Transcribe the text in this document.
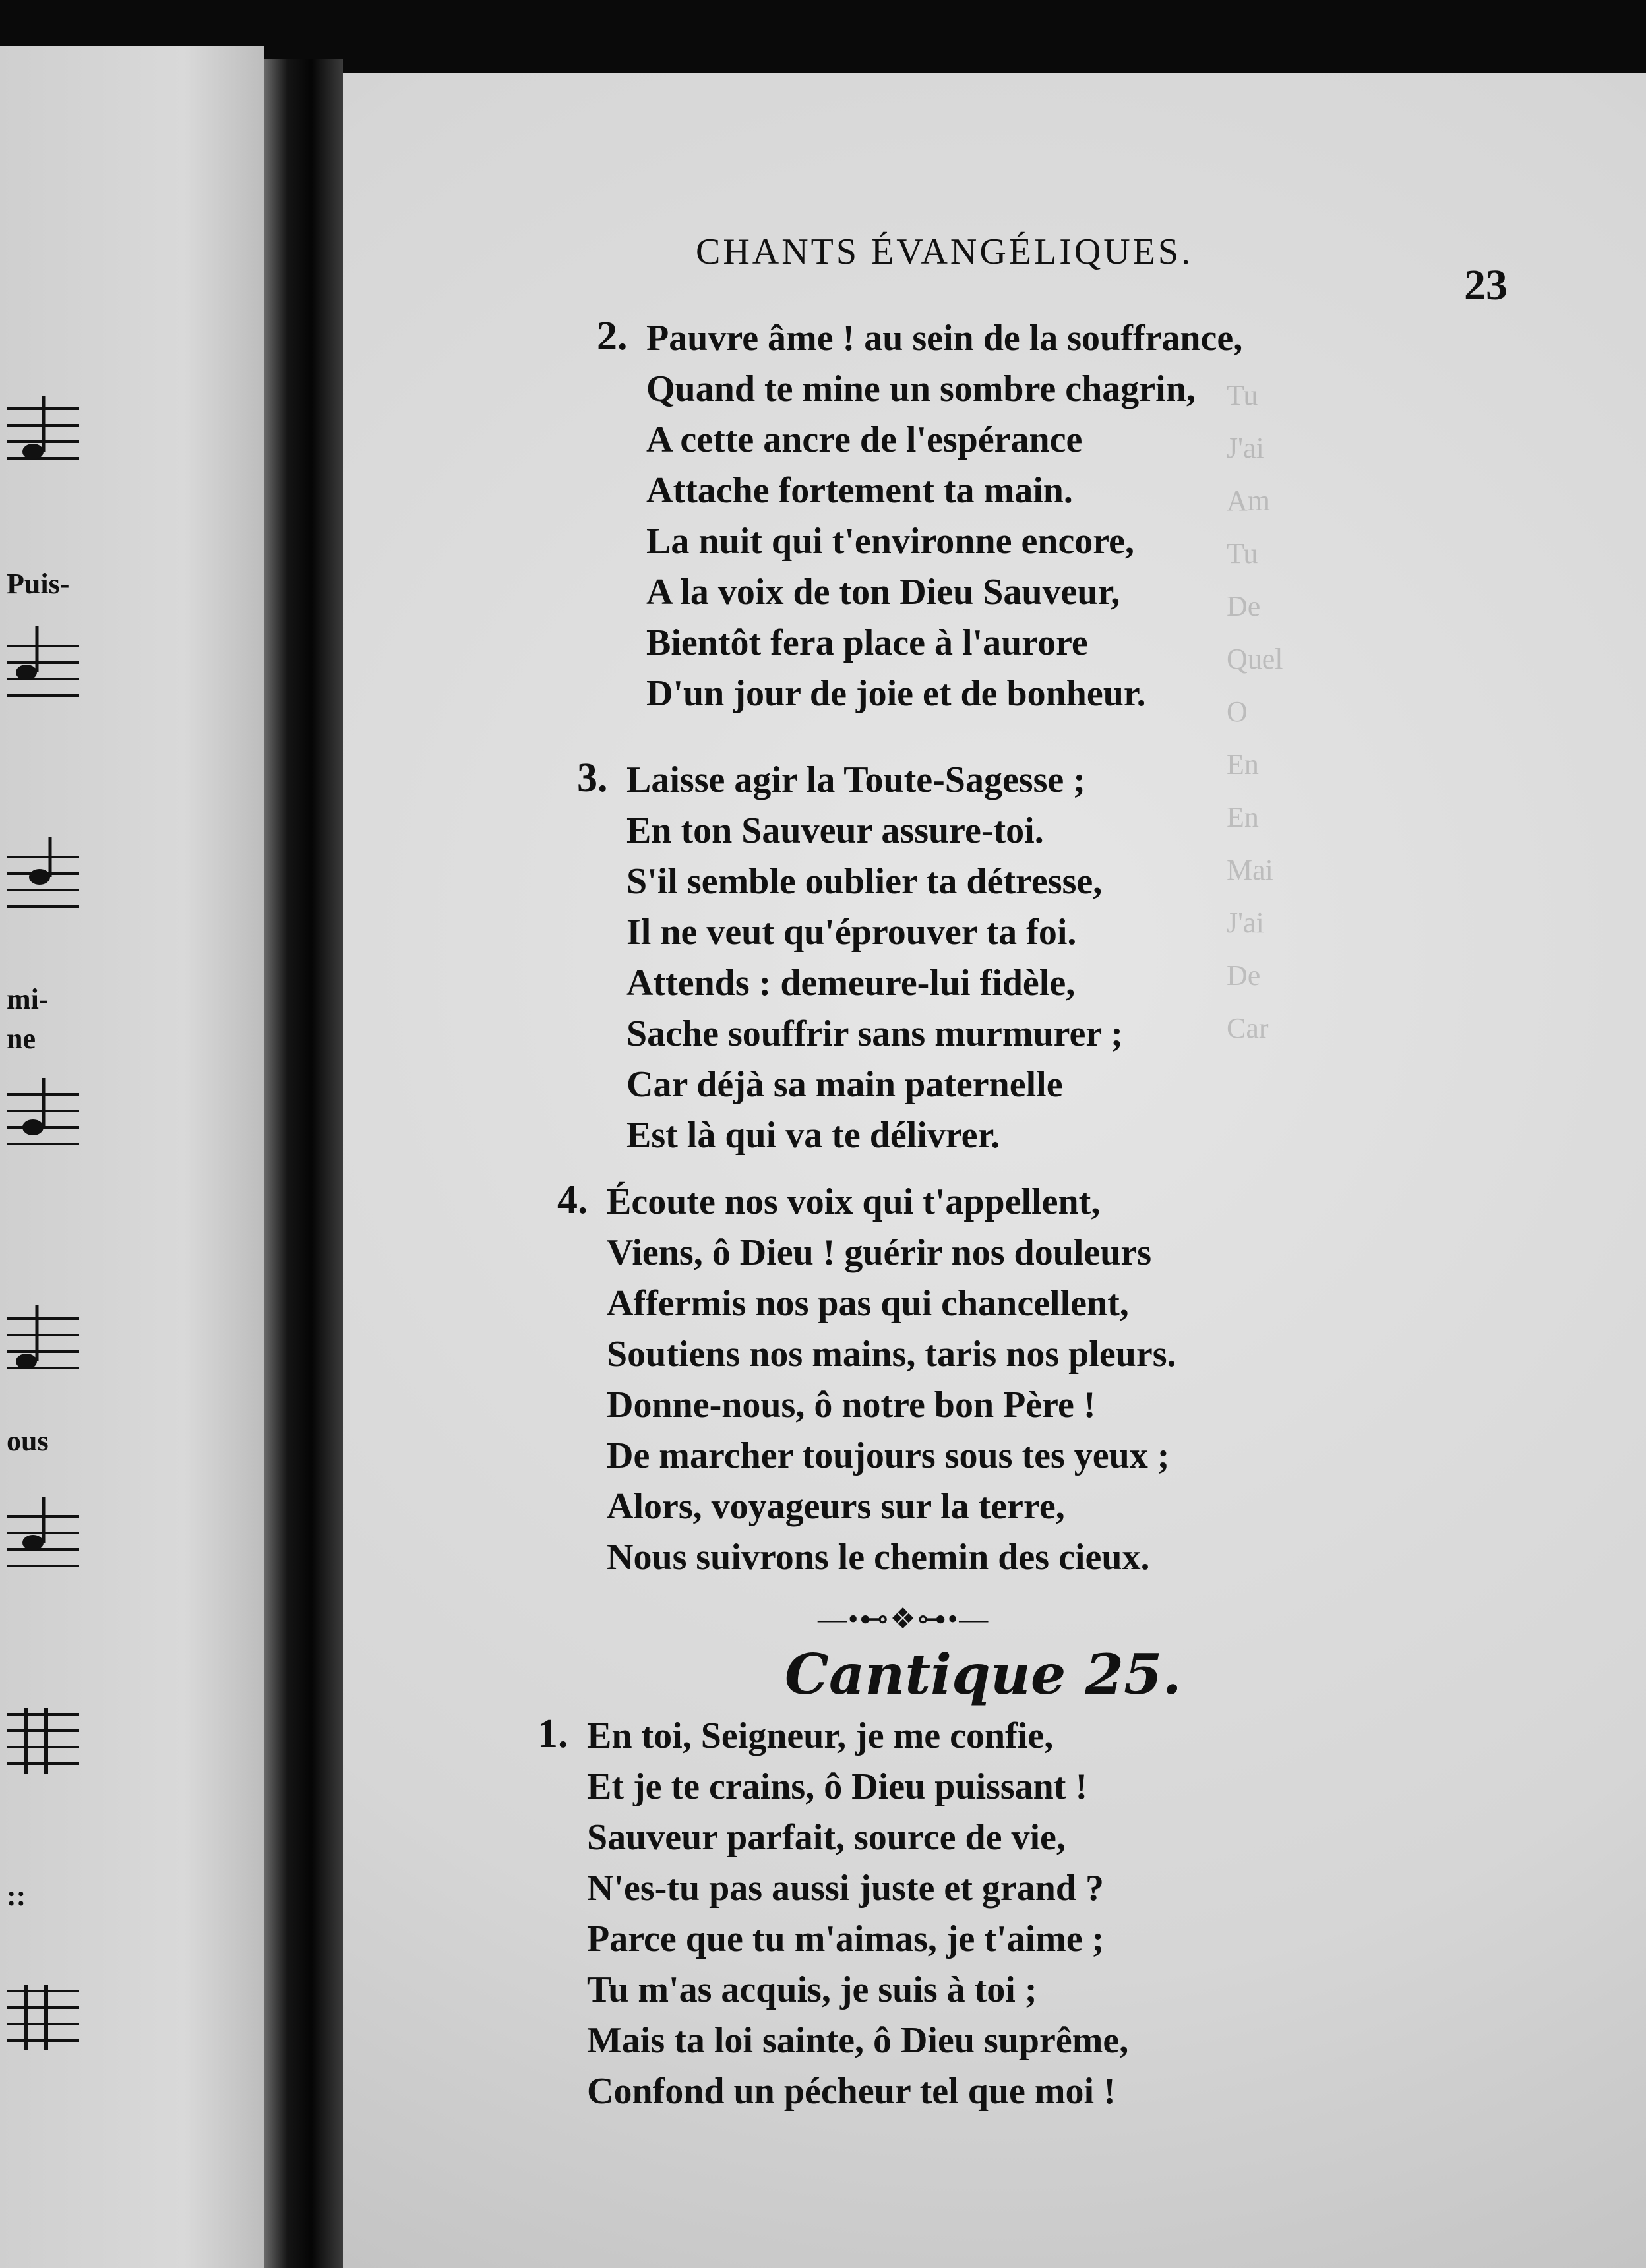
Puis-
mi-
ne
ous
::
Tu
J'ai
Am
Tu
De
Quel
O
En
En
Mai
J'ai
De
Car
CHANTS ÉVANGÉLIQUES.
23
2. Pauvre âme ! au sein de la souffrance,
Quand te mine un sombre chagrin,
A cette ancre de l'espérance
Attache fortement ta main.
La nuit qui t'environne encore,
A la voix de ton Dieu Sauveur,
Bientôt fera place à l'aurore
D'un jour de joie et de bonheur.
3. Laisse agir la Toute-Sagesse ;
En ton Sauveur assure-toi.
S'il semble oublier ta détresse,
Il ne veut qu'éprouver ta foi.
Attends : demeure-lui fidèle,
Sache souffrir sans murmurer ;
Car déjà sa main paternelle
Est là qui va te délivrer.
4. Écoute nos voix qui t'appellent,
Viens, ô Dieu ! guérir nos douleurs
Affermis nos pas qui chancellent,
Soutiens nos mains, taris nos pleurs.
Donne-nous, ô notre bon Père !
De marcher toujours sous tes yeux ;
Alors, voyageurs sur la terre,
Nous suivrons le chemin des cieux.
—•⊷❖⊶•—
Cantique 25.
1. En toi, Seigneur, je me confie,
Et je te crains, ô Dieu puissant !
Sauveur parfait, source de vie,
N'es-tu pas aussi juste et grand ?
Parce que tu m'aimas, je t'aime ;
Tu m'as acquis, je suis à toi ;
Mais ta loi sainte, ô Dieu suprême,
Confond un pécheur tel que moi !
